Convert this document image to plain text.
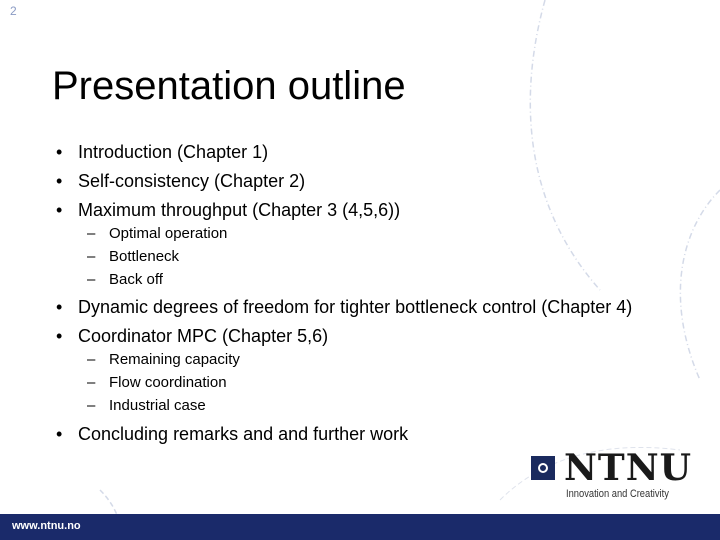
2
Presentation outline
• Introduction (Chapter 1)
• Self-consistency (Chapter 2)
• Maximum throughput (Chapter 3 (4,5,6))
– Optimal operation
– Bottleneck
– Back off
• Dynamic degrees of freedom for tighter bottleneck control (Chapter 4)
• Coordinator MPC (Chapter 5,6)
– Remaining capacity
– Flow coordination
– Industrial case
• Concluding remarks and and further work
NTNU
Innovation and Creativity
www.ntnu.no
